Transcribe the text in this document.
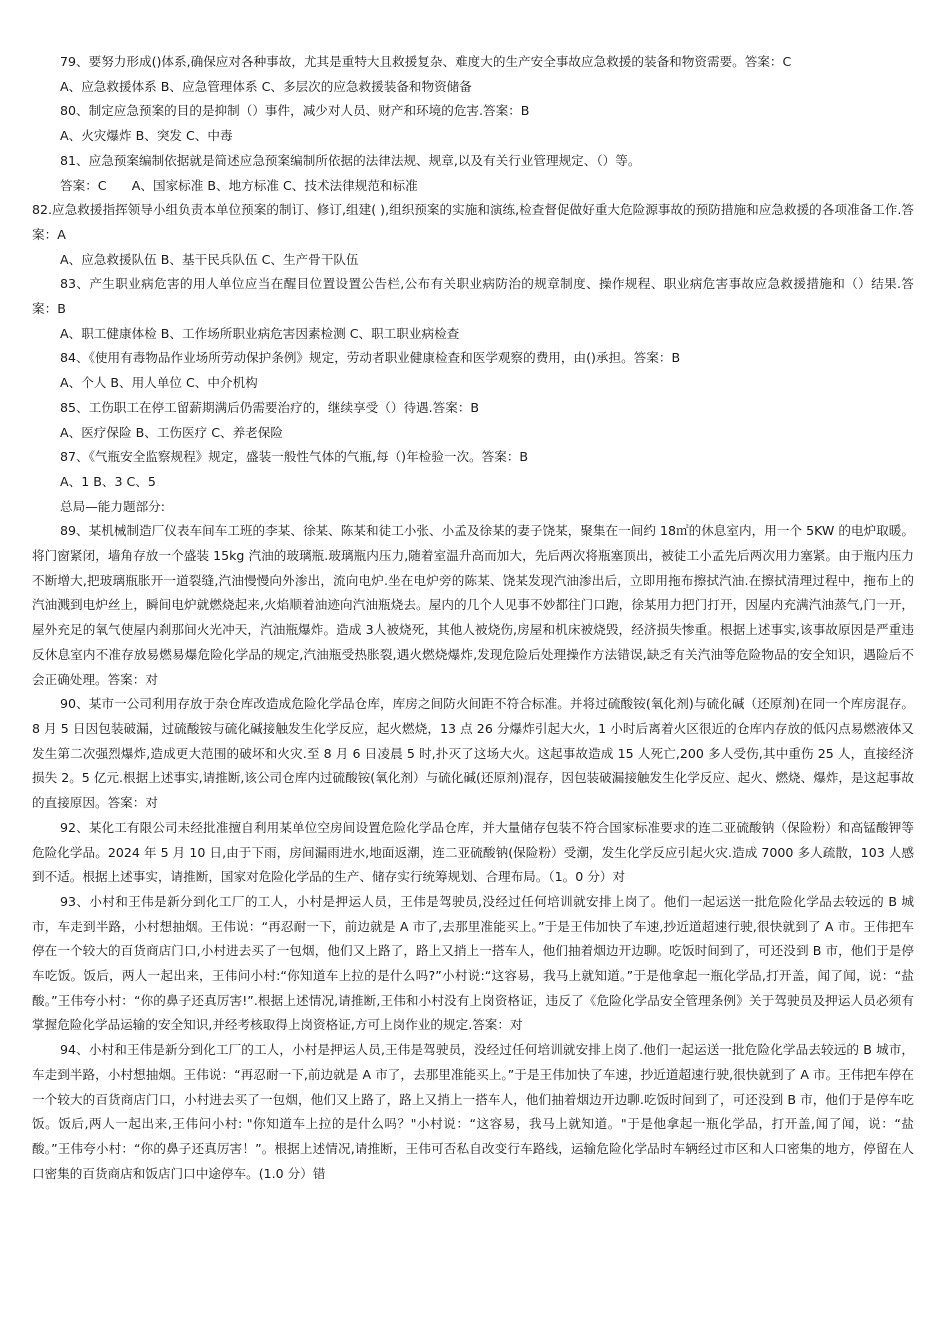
79、要努力形成()体系,确保应对各种事故，尤其是重特大且救援复杂、难度大的生产安全事故应急救援的装备和物资需要。答案：C
A、应急救援体系 B、应急管理体系 C、多层次的应急救援装备和物资储备
80、制定应急预案的目的是抑制（）事件，减少对人员、财产和环境的危害.答案：B
A、火灾爆炸 B、突发 C、中毒
81、应急预案编制依据就是简述应急预案编制所依据的法律法规、规章,以及有关行业管理规定、（）等。
答案：C　　A、国家标准 B、地方标准 C、技术法律规范和标准
82.应急救援指挥领导小组负责本单位预案的制订、修订,组建( ),组织预案的实施和演练,检查督促做好重大危险源事故的预防措施和应急救援的各项准备工作.答案：A
A、应急救援队伍 B、基干民兵队伍 C、生产骨干队伍
83、产生职业病危害的用人单位应当在醒目位置设置公告栏,公布有关职业病防治的规章制度、操作规程、职业病危害事故应急救援措施和（）结果.答案：B
A、职工健康体检 B、工作场所职业病危害因素检测 C、职工职业病检查
84、《使用有毒物品作业场所劳动保护条例》规定，劳动者职业健康检查和医学观察的费用，由()承担。答案：B
A、个人 B、用人单位 C、中介机构
85、工伤职工在停工留薪期满后仍需要治疗的，继续享受（）待遇.答案：B
A、医疗保险 B、工伤医疗 C、养老保险
87、《气瓶安全监察规程》规定，盛装一般性气体的气瓶,每（)年检验一次。答案：B
A、1 B、3 C、5
总局—能力题部分:
89、某机械制造厂仪表车间车工班的李某、徐某、陈某和徒工小张、小孟及徐某的妻子饶某，聚集在一间约 18㎡的休息室内，用一个 5KW 的电炉取暖。将门窗紧闭，墙角存放一个盛装 15kg 汽油的玻璃瓶.玻璃瓶内压力,随着室温升高而加大，先后两次将瓶塞顶出，被徒工小孟先后两次用力塞紧。由于瓶内压力不断增大,把玻璃瓶胀开一道裂缝,汽油慢慢向外渗出，流向电炉.坐在电炉旁的陈某、饶某发现汽油渗出后，立即用拖布擦拭汽油.在擦拭清理过程中，拖布上的汽油溅到电炉丝上，瞬间电炉就燃烧起来,火焰顺着油迹向汽油瓶烧去。屋内的几个人见事不妙都往门口跑，徐某用力把门打开，因屋内充满汽油蒸气,门一开，屋外充足的氧气使屋内刹那间火光冲天，汽油瓶爆炸。造成 3人被烧死，其他人被烧伤,房屋和机床被烧毁，经济损失惨重。根据上述事实,该事故原因是严重违反休息室内不准存放易燃易爆危险化学品的规定,汽油瓶受热胀裂,遇火燃烧爆炸,发现危险后处理操作方法错误,缺乏有关汽油等危险物品的安全知识，遇险后不会正确处理。答案：对
90、某市一公司利用存放于杂仓库改造成危险化学品仓库，库房之间防火间距不符合标准。并将过硫酸铵(氧化剂)与硫化碱（还原剂)在同一个库房混存。8 月 5 日因包装破漏，过硫酸铵与硫化碱接触发生化学反应，起火燃烧，13 点 26 分爆炸引起大火，1 小时后离着火区很近的仓库内存放的低闪点易燃液体又发生第二次强烈爆炸,造成更大范围的破坏和火灾.至 8 月 6 日凌晨 5 时,扑灭了这场大火。这起事故造成 15 人死亡,200 多人受伤,其中重伤 25 人，直接经济损失 2。5 亿元.根据上述事实,请推断,该公司仓库内过硫酸铵(氧化剂）与硫化碱(还原剂)混存，因包装破漏接触发生化学反应、起火、燃烧、爆炸，是这起事故的直接原因。答案：对
92、某化工有限公司未经批准擅自利用某单位空房间设置危险化学品仓库，并大量储存包装不符合国家标准要求的连二亚硫酸钠（保险粉）和高锰酸钾等危险化学品。2024 年 5 月 10 日,由于下雨，房间漏雨进水,地面返潮，连二亚硫酸钠(保险粉）受潮，发生化学反应引起火灾.造成 7000 多人疏散，103 人感到不适。根据上述事实，请推断，国家对危险化学品的生产、储存实行统筹规划、合理布局。（1。0 分）对
93、小村和王伟是新分到化工厂的工人，小村是押运人员，王伟是驾驶员,没经过任何培训就安排上岗了。他们一起运送一批危险化学品去较远的 B 城市，车走到半路，小村想抽烟。王伟说：“再忍耐一下，前边就是 A 市了,去那里准能买上。”于是王伟加快了车速,抄近道超速行驶,很快就到了 A 市。王伟把车停在一个较大的百货商店门口,小村进去买了一包烟，他们又上路了，路上又捎上一搭车人，他们抽着烟边开边聊。吃饭时间到了，可还没到 B 市，他们于是停车吃饭。饭后，两人一起出来，王伟问小村:“你知道车上拉的是什么吗?”小村说:“这容易，我马上就知道。”于是他拿起一瓶化学品,打开盖，闻了闻，说：“盐酸。”王伟夸小村：“你的鼻子还真厉害!”.根据上述情况,请推断,王伟和小村没有上岗资格证，违反了《危险化学品安全管理条例》关于驾驶员及押运人员必须有掌握危险化学品运输的安全知识,并经考核取得上岗资格证,方可上岗作业的规定.答案：对
94、小村和王伟是新分到化工厂的工人，小村是押运人员,王伟是驾驶员，没经过任何培训就安排上岗了.他们一起运送一批危险化学品去较远的 B 城市，车走到半路，小村想抽烟。王伟说：“再忍耐一下,前边就是 A 市了，去那里准能买上。”于是王伟加快了车速，抄近道超速行驶,很快就到了 A 市。王伟把车停在一个较大的百货商店门口，小村进去买了一包烟，他们又上路了，路上又捎上一搭车人，他们抽着烟边开边聊.吃饭时间到了，可还没到 B 市，他们于是停车吃饭。饭后,两人一起出来,王伟问小村: "你知道车上拉的是什么吗？"小村说：“这容易，我马上就知道。"于是他拿起一瓶化学品，打开盖,闻了闻，说：“盐酸。”王伟夸小村：“你的鼻子还真厉害！”。根据上述情况,请推断，王伟可否私自改变行车路线，运输危险化学品时车辆经过市区和人口密集的地方，停留在人口密集的百货商店和饭店门口中途停车。(1.0 分）错
